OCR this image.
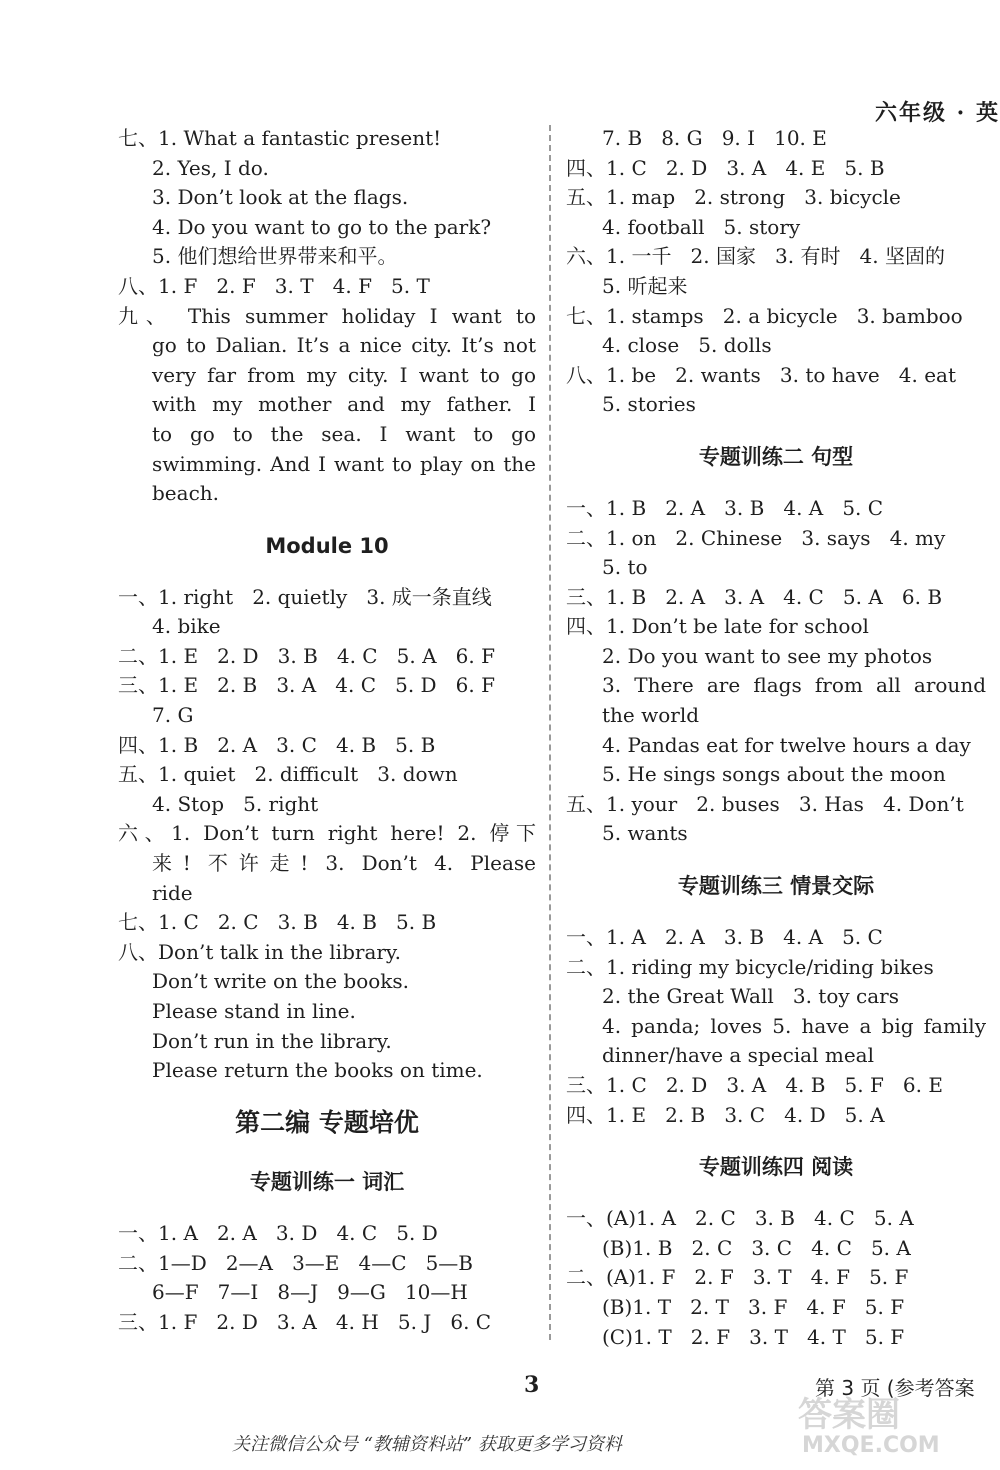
六年级 · 英
七、1. What a fantastic present!
2. Yes, I do.
3. Don’t look at the flags.
4. Do you want to go to the park?
5. 他们想给世界带来和平。
八、1. F   2. F   3. T   4. F   5. T
九、 This summer holiday I want to
go to Dalian. It’s a nice city. It’s not
very far from my city. I want to go
with my mother and my father. I
to go to the sea. I want to go
swimming. And I want to play on the
beach.
Module 10
一、1. right   2. quietly   3. 成一条直线
4. bike
二、1. E   2. D   3. B   4. C   5. A   6. F
三、1. E   2. B   3. A   4. C   5. D   6. F
7. G
四、1. B   2. A   3. C   4. B   5. B
五、1. quiet   2. difficult   3. down
4. Stop   5. right
六、1. Don’t turn right here! 2. 停下
来! 不许走! 3. Don’t 4. Please
ride
七、1. C   2. C   3. B   4. B   5. B
八、Don’t talk in the library.
Don’t write on the books.
Please stand in line.
Don’t run in the library.
Please return the books on time.
第二编 专题培优
专题训练一 词汇
一、1. A   2. A   3. D   4. C   5. D
二、1—D   2—A   3—E   4—C   5—B
6—F   7—I   8—J   9—G   10—H
三、1. F   2. D   3. A   4. H   5. J   6. C
7. B   8. G   9. I   10. E
四、1. C   2. D   3. A   4. E   5. B
五、1. map   2. strong   3. bicycle
4. football   5. story
六、1. 一千   2. 国家   3. 有时   4. 坚固的
5. 听起来
七、1. stamps   2. a bicycle   3. bamboo
4. close   5. dolls
八、1. be   2. wants   3. to have   4. eat
5. stories
专题训练二 句型
一、1. B   2. A   3. B   4. A   5. C
二、1. on   2. Chinese   3. says   4. my
5. to
三、1. B   2. A   3. A   4. C   5. A   6. B
四、1. Don’t be late for school
2. Do you want to see my photos
3. There are flags from all around
the world
4. Pandas eat for twelve hours a day
5. He sings songs about the moon
五、1. your   2. buses   3. Has   4. Don’t
5. wants
专题训练三 情景交际
一、1. A   2. A   3. B   4. A   5. C
二、1. riding my bicycle/riding bikes
2. the Great Wall   3. toy cars
4. panda; loves 5. have a big family
dinner/have a special meal
三、1. C   2. D   3. A   4. B   5. F   6. E
四、1. E   2. B   3. C   4. D   5. A
专题训练四 阅读
一、(A)1. A   2. C   3. B   4. C   5. A
(B)1. B   2. C   3. C   4. C   5. A
二、(A)1. F   2. F   3. T   4. F   5. F
(B)1. T   2. T   3. F   4. F   5. F
(C)1. T   2. F   3. T   4. T   5. F
3	第 3 页 (参考答案
关注微信公众号 “教辅资料站” 获取更多学习资料
答案圈
MXQE.COM
